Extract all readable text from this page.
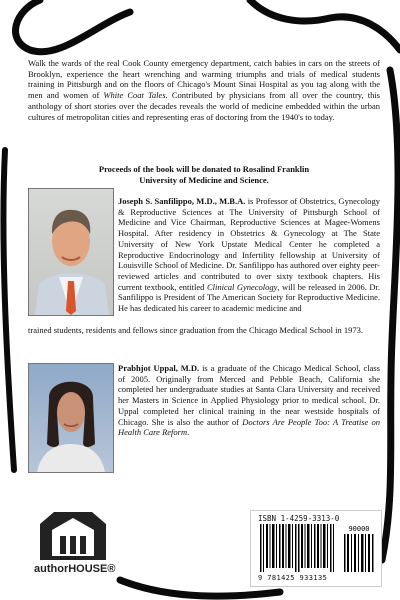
Walk the wards of the real Cook County emergency department, catch babies in cars on the streets of Brooklyn, experience the heart wrenching and warming triumphs and trials of medical students training in Pittsburgh and on the floors of Chicago's Mount Sinai Hospital as you tag along with the men and women of White Coat Tales. Contributed by physicians from all over the country, this anthology of short stories over the decades reveals the world of medicine embedded within the urban cultures of metropolitan cities and representing eras of doctoring from the 1940's to today.

Proceeds of the book will be donated to Rosalind Franklin
University of Medicine and Science.

Joseph S. Sanfilippo, M.D., M.B.A. is Professor of Obstetrics, Gynecology & Reproductive Sciences at The University of Pittsburgh School of Medicine and Vice Chairman, Reproductive Sciences at Magee-Womens Hospital. After residency in Obstetrics & Gynecology at The State University of New York Upstate Medical Center he completed a Reproductive Endocrinology and Infertility fellowship at University of Louisville School of Medicine. Dr. Sanfilippo has authored over eighty peer-reviewed articles and contributed to over sixty textbook chapters. His current textbook, entitled Clinical Gynecology, will be released in 2006. Dr. Sanfilippo is President of The American Society for Reproductive Medicine. He has dedicated his career to academic medicine and

trained students, residents and fellows since graduation from the Chicago Medical School in 1973.

Prabhjot Uppal, M.D. is a graduate of the Chicago Medical School, class of 2005. Originally from Merced and Pebble Beach, California she completed her undergraduate studies at Santa Clara University and received her Masters in Science in Applied Physiology prior to medical school. Dr. Uppal completed her clinical training in the near westside hospitals of Chicago. She is also the author of Doctors Are People Too: A Treatise on Health Care Reform.

authorHOUSE®
ISBN 1-4259-3313-0
90000
9 781425 933135
